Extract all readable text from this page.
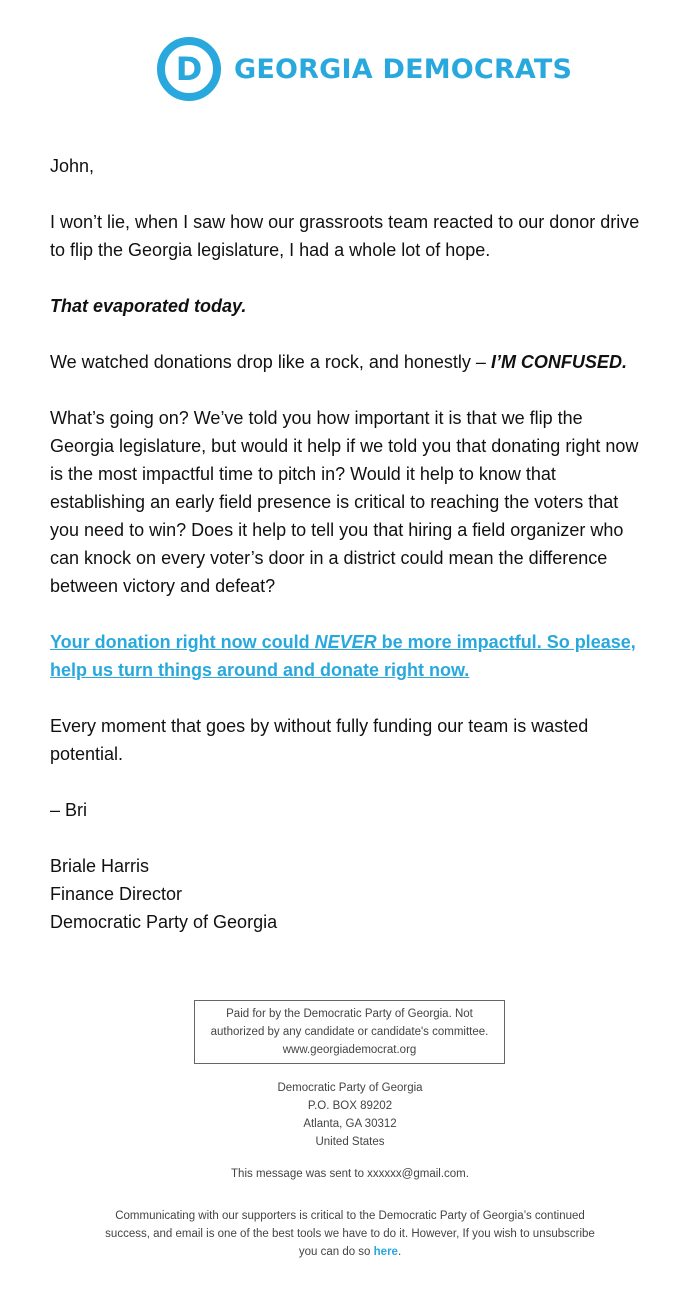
D GEORGIA DEMOCRATS

John,

I won’t lie, when I saw how our grassroots team reacted to our donor drive to flip the Georgia legislature, I had a whole lot of hope.

That evaporated today.

We watched donations drop like a rock, and honestly – I’M CONFUSED.

What’s going on? We’ve told you how important it is that we flip the Georgia legislature, but would it help if we told you that donating right now is the most impactful time to pitch in? Would it help to know that establishing an early field presence is critical to reaching the voters that you need to win? Does it help to tell you that hiring a field organizer who can knock on every voter’s door in a district could mean the difference between victory and defeat?

Your donation right now could NEVER be more impactful. So please, help us turn things around and donate right now.

Every moment that goes by without fully funding our team is wasted potential.

– Bri

Briale Harris

Finance Director

Democratic Party of Georgia

Paid for by the Democratic Party of Georgia. Not authorized by any candidate or candidate's committee.
www.georgiademocrat.org
Democratic Party of Georgia
P.O. BOX 89202
Atlanta, GA 30312
United States
This message was sent to xxxxxx@gmail.com.
Communicating with our supporters is critical to the Democratic Party of Georgia’s continued success, and email is one of the best tools we have to do it. However, If you wish to unsubscribe you can do so here.
